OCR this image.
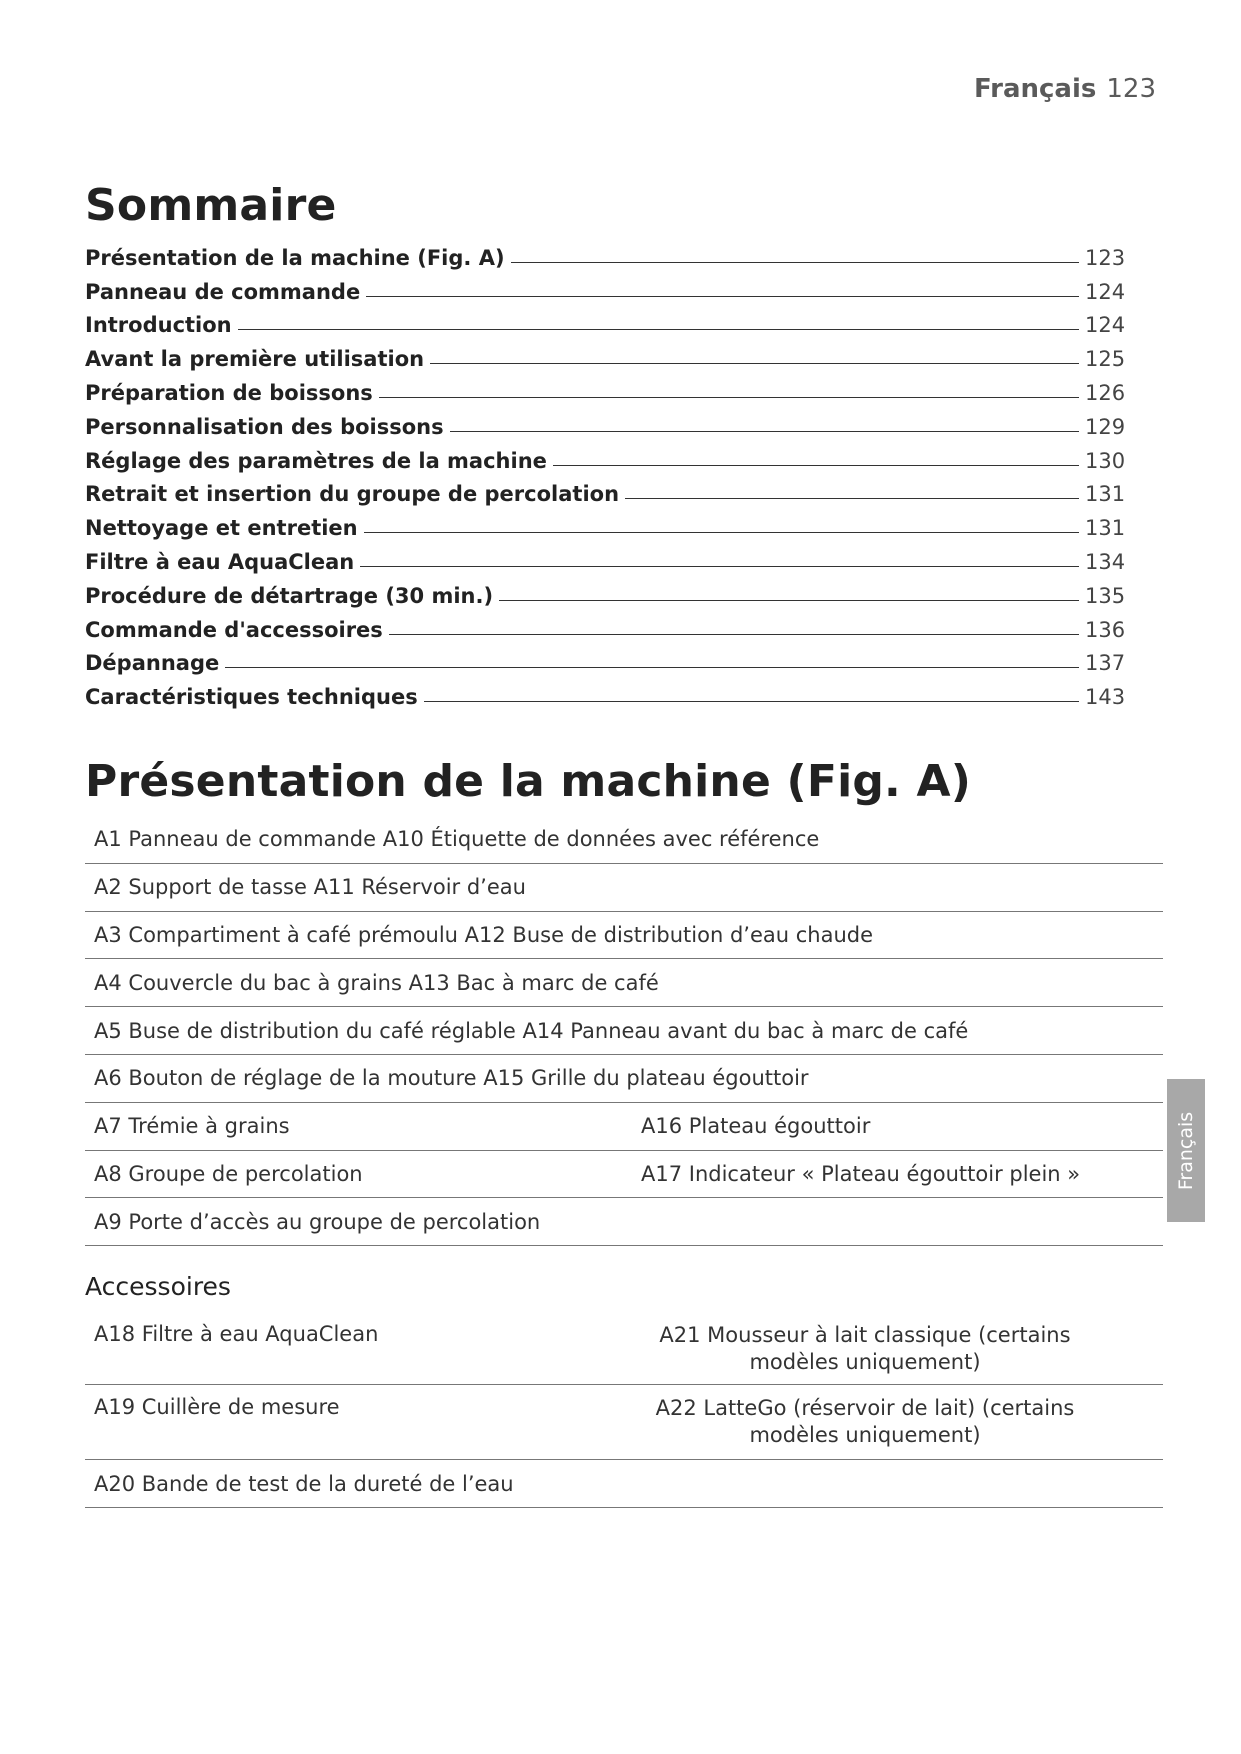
Français 123
Sommaire
Présentation de la machine (Fig. A)	123
Panneau de commande	124
Introduction	124
Avant la première utilisation	125
Préparation de boissons	126
Personnalisation des boissons	129
Réglage des paramètres de la machine	130
Retrait et insertion du groupe de percolation	131
Nettoyage et entretien	131
Filtre à eau AquaClean	134
Procédure de détartrage (30 min.)	135
Commande d'accessoires	136
Dépannage	137
Caractéristiques techniques	143
Présentation de la machine (Fig. A)
A1 Panneau de commande A10 Étiquette de données avec référence
A2 Support de tasse A11 Réservoir d’eau
A3 Compartiment à café prémoulu A12 Buse de distribution d’eau chaude
A4 Couvercle du bac à grains A13 Bac à marc de café
A5 Buse de distribution du café réglable A14 Panneau avant du bac à marc de café
A6 Bouton de réglage de la mouture A15 Grille du plateau égouttoir
A7 Trémie à grains	A16 Plateau égouttoir
A8 Groupe de percolation	A17 Indicateur « Plateau égouttoir plein »
A9 Porte d’accès au groupe de percolation
Accessoires
A18 Filtre à eau AquaClean	A21 Mousseur à lait classique (certains modèles uniquement)
A19 Cuillère de mesure	A22 LatteGo (réservoir de lait) (certains modèles uniquement)
A20 Bande de test de la dureté de l’eau
Français
